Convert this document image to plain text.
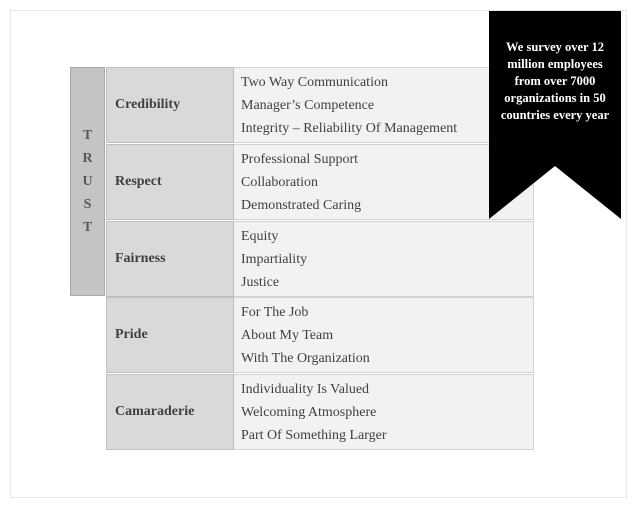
T
R
U
S
T
Credibility
Two Way Communication
Manager’s Competence
Integrity – Reliability Of Management
Respect
Professional Support
Collaboration
Demonstrated Caring
Fairness
Equity
Impartiality
Justice
Pride
For The Job
About My Team
With The Organization
Camaraderie
Individuality Is Valued
Welcoming Atmosphere
Part Of Something Larger
We survey over 12 million employees from over 7000 organizations in 50 countries every year
